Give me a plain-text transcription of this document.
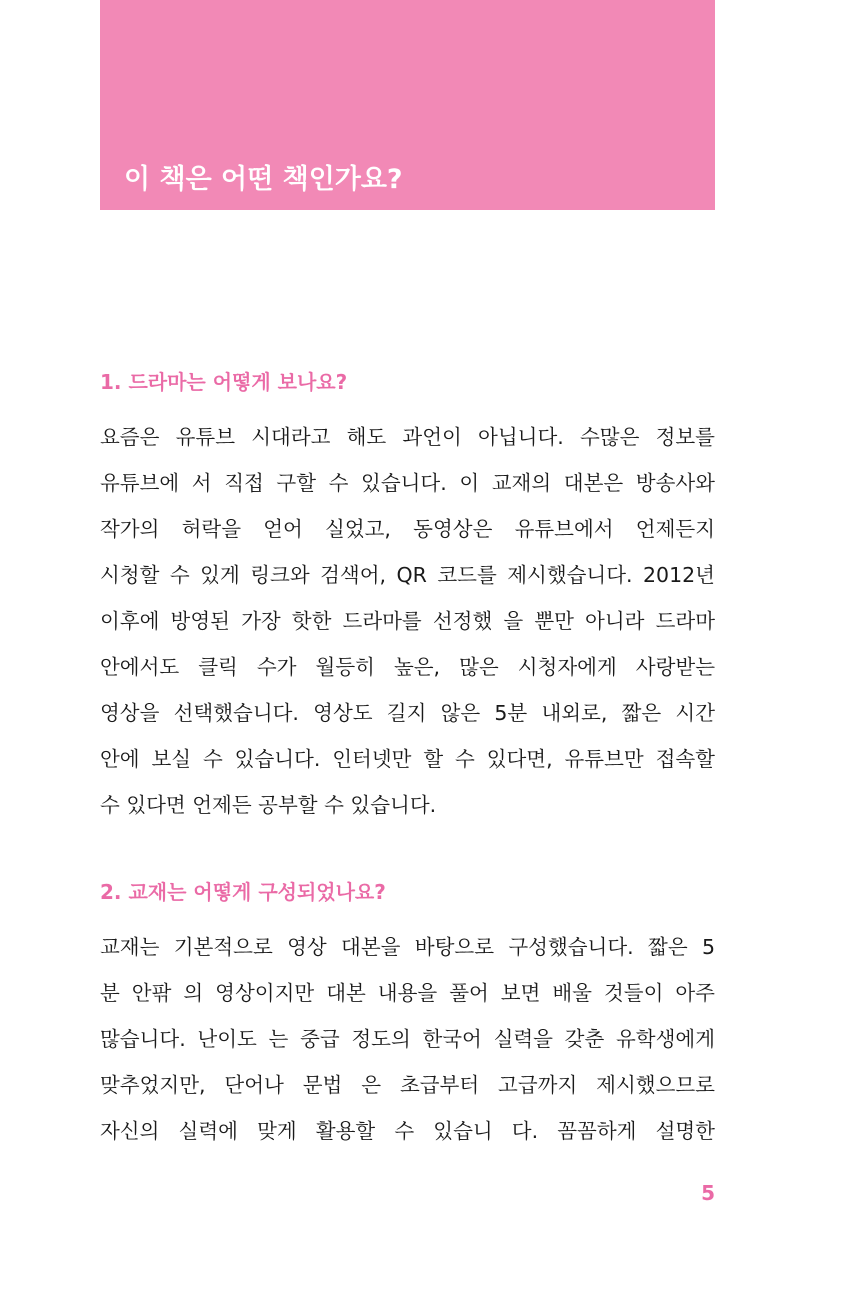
이 책은 어떤 책인가요?
1. 드라마는 어떻게 보나요?
요즘은 유튜브 시대라고 해도 과언이 아닙니다. 수많은 정보를
유튜브에 서 직접 구할 수 있습니다. 이 교재의 대본은 방송사와
작가의 허락을 얻어 실었고, 동영상은 유튜브에서 언제든지
시청할 수 있게 링크와 검색어, QR 코드를 제시했습니다. 2012년
이후에 방영된 가장 핫한 드라마를 선정했 을 뿐만 아니라 드라마
안에서도 클릭 수가 월등히 높은, 많은 시청자에게 사랑받는
영상을 선택했습니다. 영상도 길지 않은 5분 내외로, 짧은 시간
안에 보실 수 있습니다. 인터넷만 할 수 있다면, 유튜브만 접속할
수 있다면 언제든 공부할 수 있습니다.
2. 교재는 어떻게 구성되었나요?
교재는 기본적으로 영상 대본을 바탕으로 구성했습니다. 짧은 5
분 안팎 의 영상이지만 대본 내용을 풀어 보면 배울 것들이 아주
많습니다. 난이도 는 중급 정도의 한국어 실력을 갖춘 유학생에게
맞추었지만, 단어나 문법 은 초급부터 고급까지 제시했으므로
자신의 실력에 맞게 활용할 수 있습니 다. 꼼꼼하게 설명한
5
